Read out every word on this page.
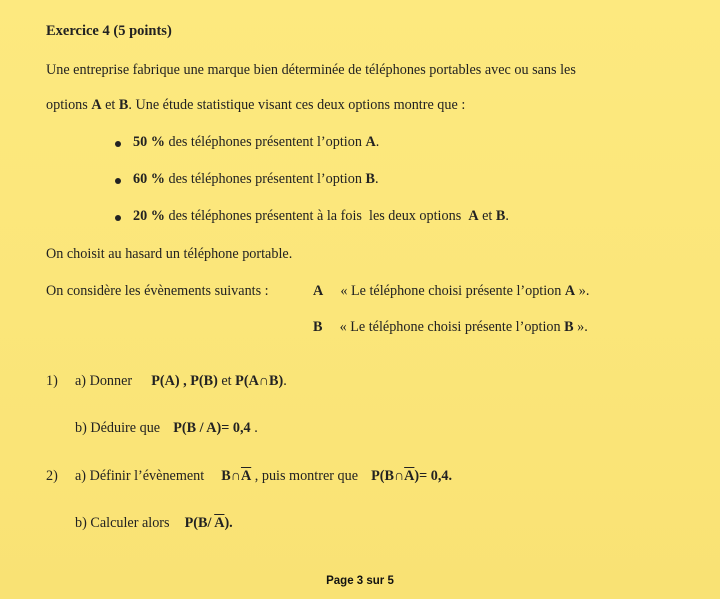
Exercice 4 (5 points)
Une entreprise fabrique une marque bien déterminée de téléphones portables avec ou sans les
options A et B. Une étude statistique visant ces deux options montre que :
50 % des téléphones présentent l’option A.
60 % des téléphones présentent l’option B.
20 % des téléphones présentent à la fois  les deux options  A et B.
On choisit au hasard un téléphone portable.
On considère les évènements suivants :	A « Le téléphone choisi présente l’option A ».
B « Le téléphone choisi présente l’option B ».
1) a) Donner P(A) , P(B) et P(A∩B).
b) Déduire que P(B / A)= 0,4 .
2) a) Définir l’évènement $B\cap\overline{A}$ , puis montrer que $P(B\cap\overline{A})= 0,4$.
b) Calculer alors P(B/ $\overline{A}$).
Page 3 sur 5
